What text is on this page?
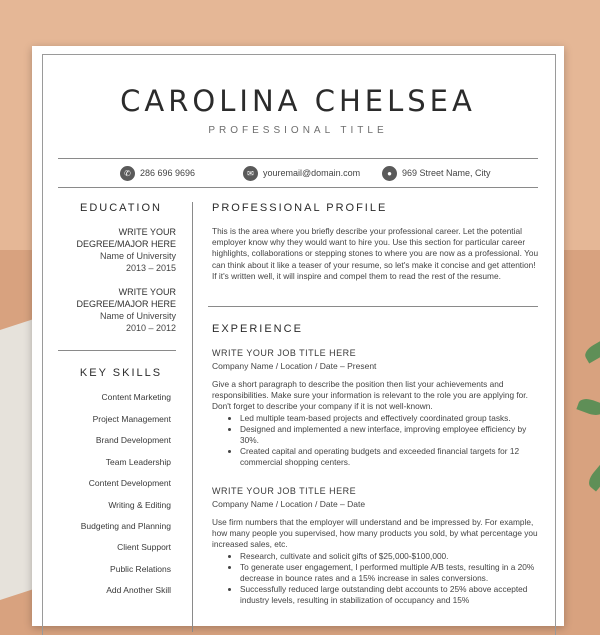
CAROLINA CHELSEA
PROFESSIONAL TITLE
✆	286 696 9696	✉	youremail@domain.com	●	969 Street Name, City
EDUCATION
WRITE YOUR
DEGREE/MAJOR HERE
Name of University
2013 – 2015
WRITE YOUR
DEGREE/MAJOR HERE
Name of University
2010 – 2012
KEY SKILLS
Content Marketing
Project Management
Brand Development
Team Leadership
Content Development
Writing & Editing
Budgeting and Planning
Client Support
Public Relations
Add Another Skill
PROFESSIONAL PROFILE
This is the area where you briefly describe your professional career. Let the potential employer know why they would want to hire you. Use this section for particular career highlights, collaborations or stepping stones to where you are now as a professional. You can think about it like a teaser of your resume, so let's make it concise and get attention! If it's written well, it will inspire and compel them to read the rest of the resume.
EXPERIENCE
WRITE YOUR JOB TITLE HERE
Company Name / Location / Date – Present
Give a short paragraph to describe the position then list your achievements and responsibilities. Make sure your information is relevant to the role you are applying for. Don't forget to describe your company if it is not well-known.
• Led multiple team-based projects and effectively coordinated group tasks.
• Designed and implemented a new interface, improving employee efficiency by 30%.
• Created capital and operating budgets and exceeded financial targets for 12 commercial shopping centers.
WRITE YOUR JOB TITLE HERE
Company Name / Location / Date – Date
Use firm numbers that the employer will understand and be impressed by. For example, how many people you supervised, how many products you sold, by what percentage you increased sales, etc.
• Research, cultivate and solicit gifts of $25,000-$100,000.
• To generate user engagement, I performed multiple A/B tests, resulting in a 20% decrease in bounce rates and a 15% increase in sales conversions.
• Successfully reduced large outstanding debt accounts to 25% above accepted industry levels, resulting in stabilization of occupancy and 15%
